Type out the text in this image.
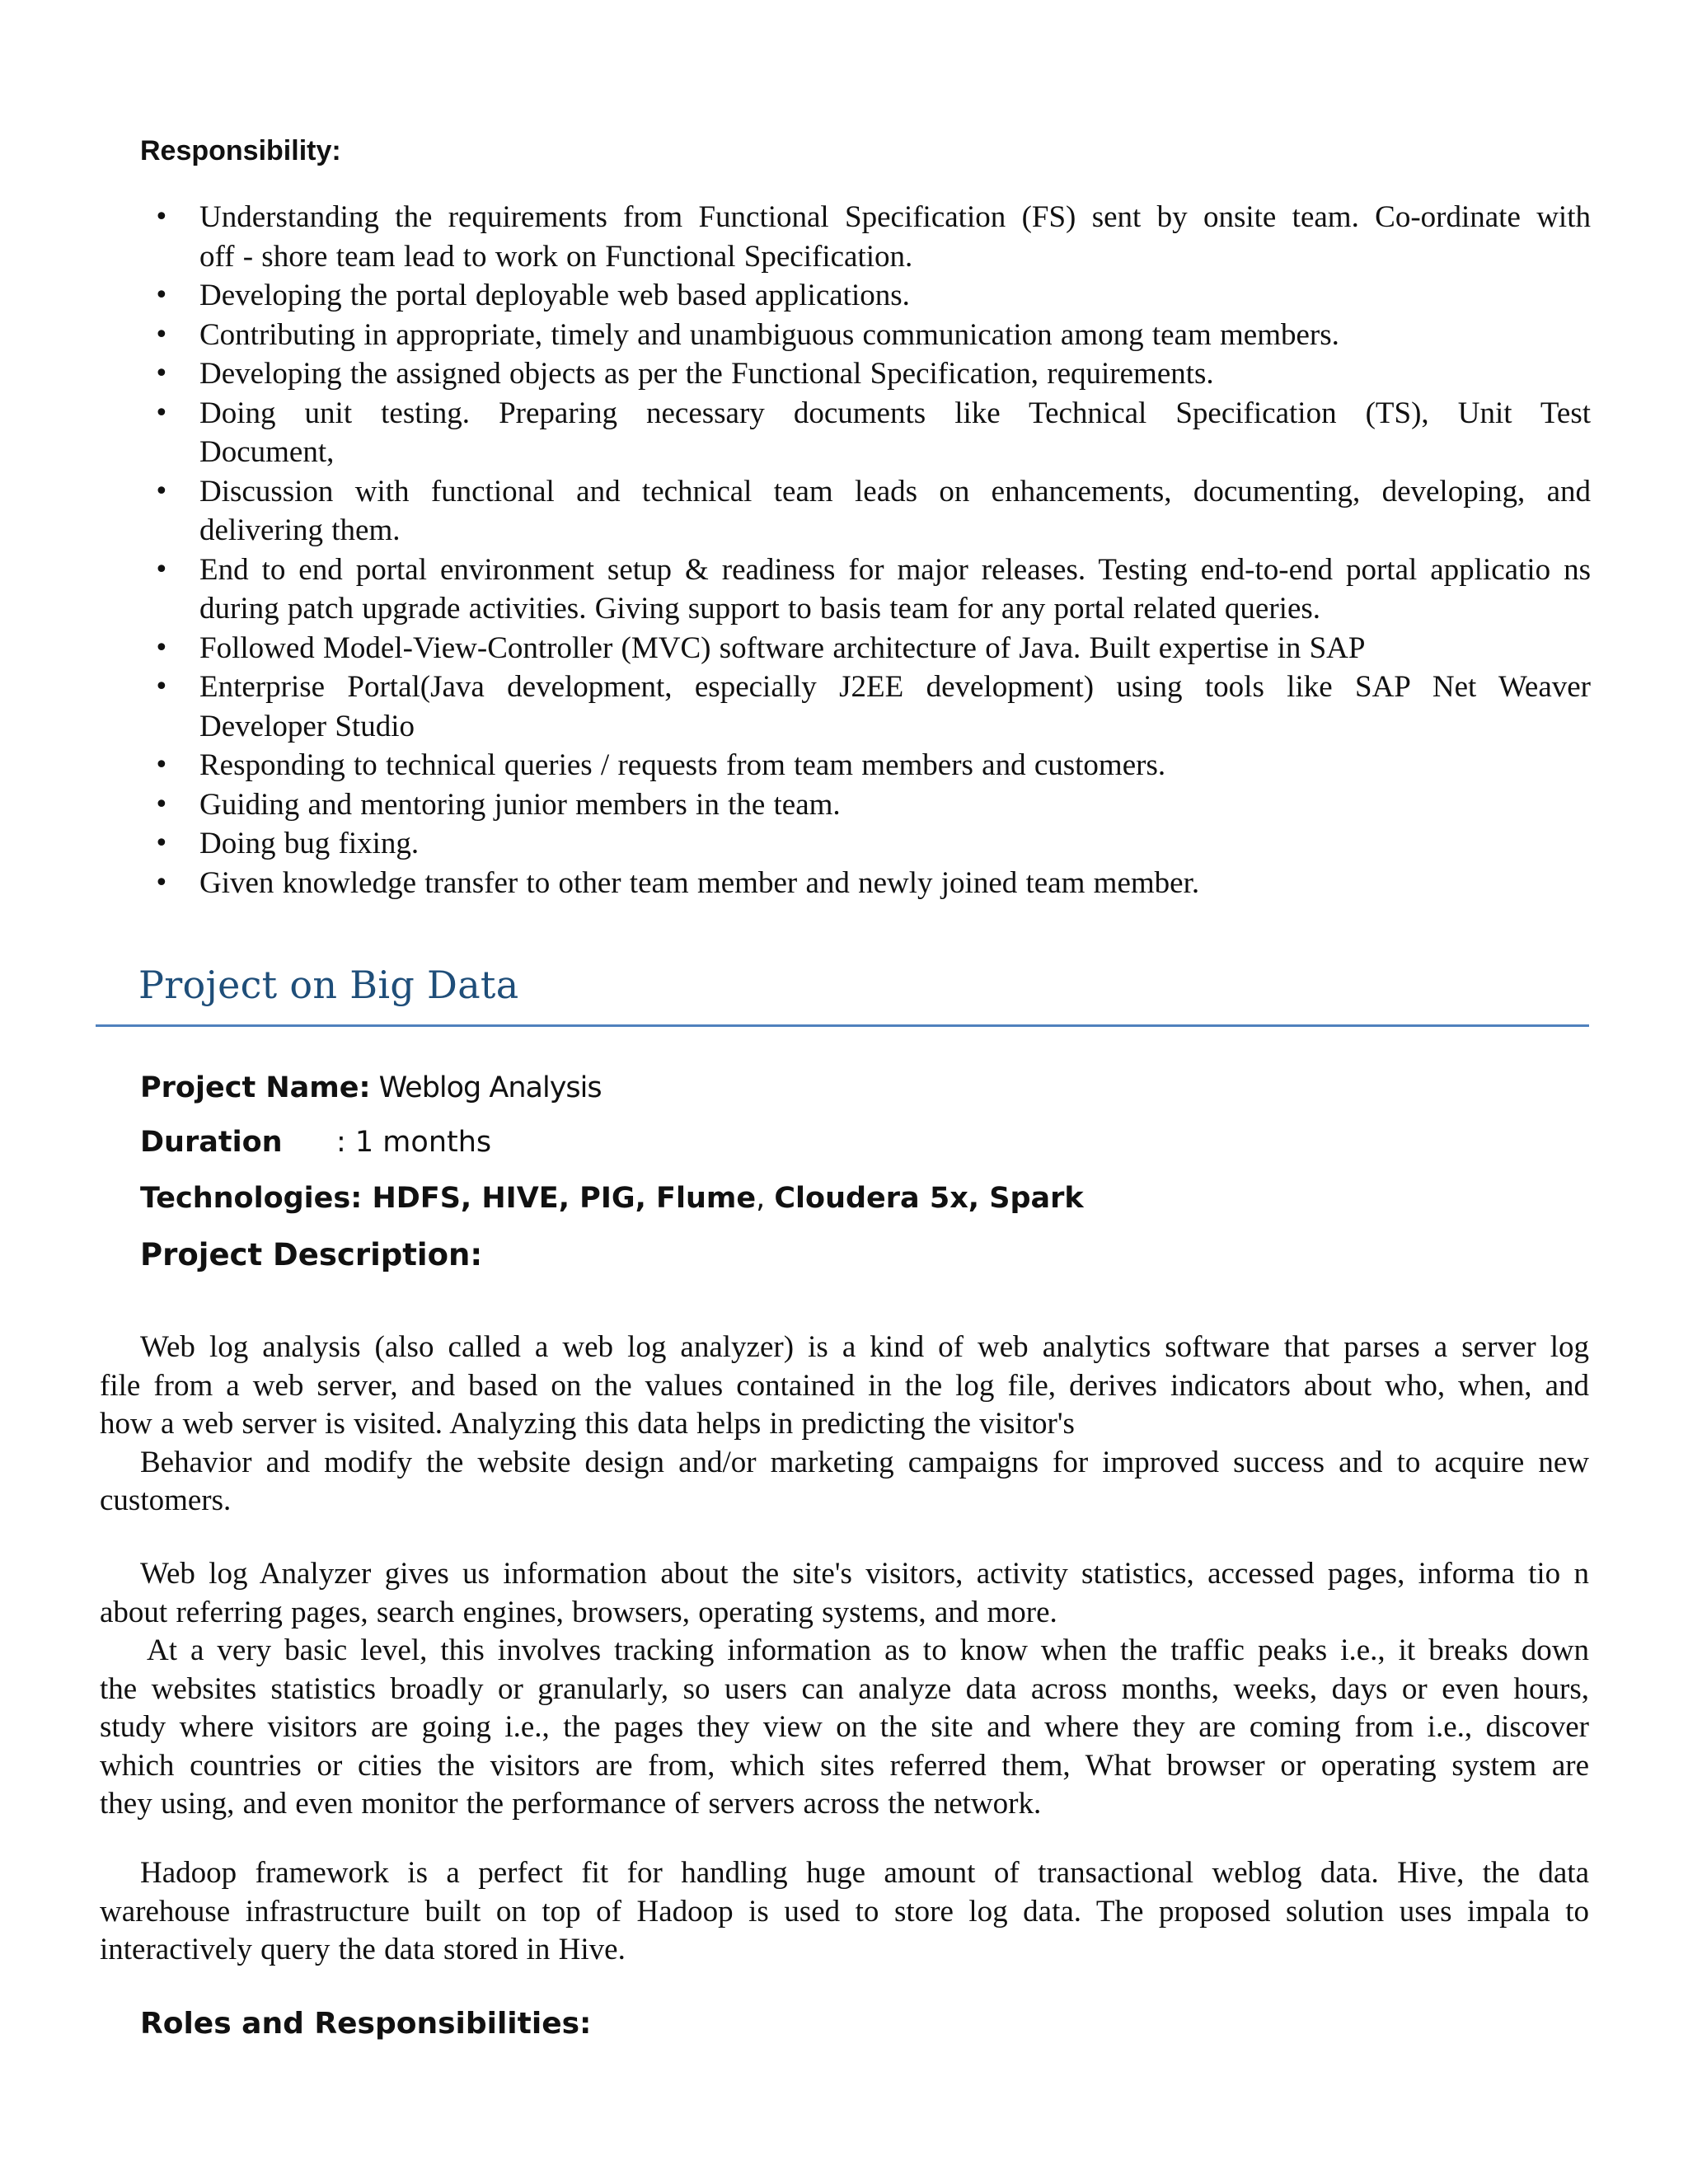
Responsibility:
• Understanding the requirements from Functional Specification (FS) sent by onsite team. Co-ordinate with
off - shore team lead to work on Functional Specification.
• Developing the portal deployable web based applications.
• Contributing in appropriate, timely and unambiguous communication among team members.
• Developing the assigned objects as per the Functional Specification, requirements.
• Doing unit testing. Preparing necessary documents like Technical Specification (TS), Unit Test
Document,
• Discussion with functional and technical team leads on enhancements, documenting, developing, and
delivering them.
• End to end portal environment setup & readiness for major releases. Testing end-to-end portal applicatio ns
during patch upgrade activities. Giving support to basis team for any portal related queries.
• Followed Model-View-Controller (MVC) software architecture of Java. Built expertise in SAP
• Enterprise Portal(Java development, especially J2EE development) using tools like SAP Net Weaver
Developer Studio
• Responding to technical queries / requests from team members and customers.
• Guiding and mentoring junior members in the team.
• Doing bug fixing.
• Given knowledge transfer to other team member and newly joined team member.
Project on Big Data

Project Name: Weblog Analysis

Duration : 1 months

Technologies: HDFS, HIVE, PIG, Flume, Cloudera 5x, Spark

Project Description:

Web log analysis (also called a web log analyzer) is a kind of web analytics software that parses a server log
file from a web server, and based on the values contained in the log file, derives indicators about who, when, and
how a web server is visited. Analyzing this data helps in predicting the visitor's
Behavior and modify the website design and/or marketing campaigns for improved success and to acquire new
customers.
Web log Analyzer gives us information about the site's visitors, activity statistics, accessed pages, informa tio n
about referring pages, search engines, browsers, operating systems, and more.
At a very basic level, this involves tracking information as to know when the traffic peaks i.e., it breaks down
the websites statistics broadly or granularly, so users can analyze data across months, weeks, days or even hours,
study where visitors are going i.e., the pages they view on the site and where they are coming from i.e., discover
which countries or cities the visitors are from, which sites referred them, What browser or operating system are
they using, and even monitor the performance of servers across the network.
Hadoop framework is a perfect fit for handling huge amount of transactional weblog data. Hive, the data
warehouse infrastructure built on top of Hadoop is used to store log data. The proposed solution uses impala to
interactively query the data stored in Hive.
Roles and Responsibilities:
